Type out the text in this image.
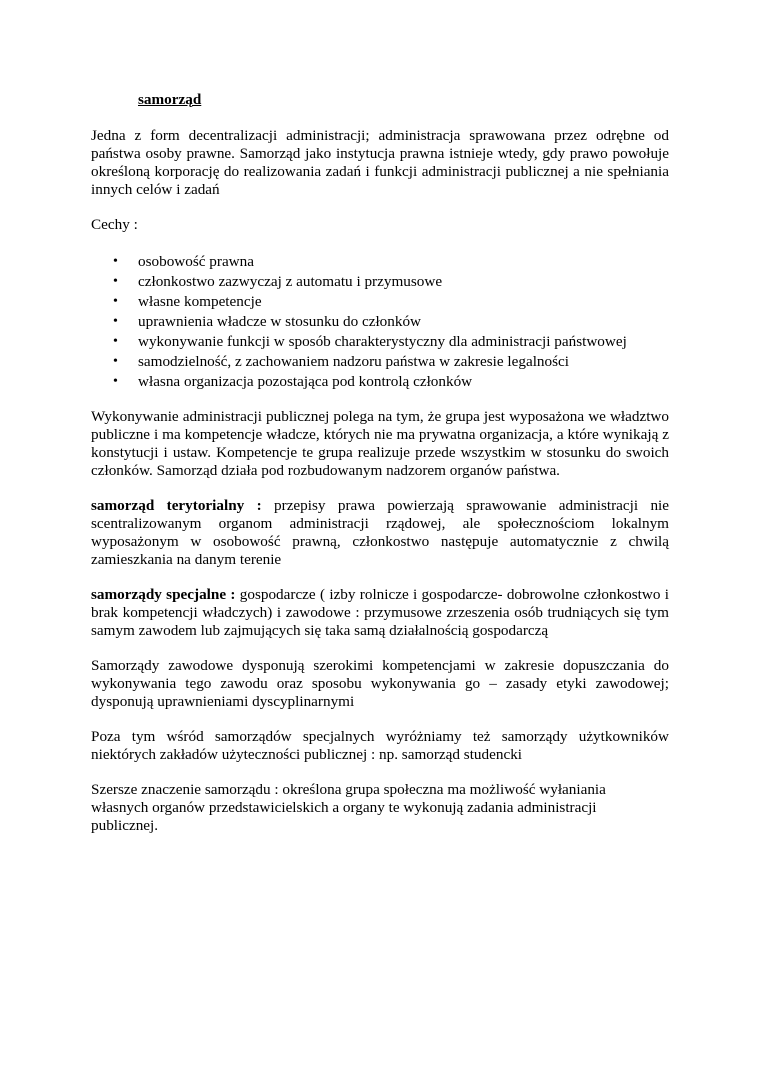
samorząd

Jedna z form decentralizacji administracji; administracja sprawowana przez odrębne od państwa osoby prawne. Samorząd jako instytucja prawna istnieje wtedy, gdy prawo powołuje określoną korporację do realizowania zadań i funkcji administracji publicznej a nie spełniania innych celów i zadań

Cechy :

• osobowość prawna
• członkostwo zazwyczaj z automatu i przymusowe
• własne kompetencje
• uprawnienia władcze w stosunku do członków
• wykonywanie funkcji w sposób charakterystyczny dla administracji państwowej
• samodzielność, z zachowaniem nadzoru państwa w zakresie legalności
• własna organizacja pozostająca pod kontrolą członków

Wykonywanie administracji publicznej polega na tym, że grupa jest wyposażona we władztwo publiczne i ma kompetencje władcze, których nie ma prywatna organizacja, a które wynikają z konstytucji i ustaw. Kompetencje te grupa realizuje przede wszystkim w stosunku do swoich członków. Samorząd działa pod rozbudowanym nadzorem organów państwa.

samorząd terytorialny : przepisy prawa powierzają sprawowanie administracji nie scentralizowanym organom administracji rządowej, ale społecznościom lokalnym wyposażonym w osobowość prawną, członkostwo następuje automatycznie z chwilą zamieszkania na danym terenie

samorządy specjalne : gospodarcze ( izby rolnicze i gospodarcze- dobrowolne członkostwo i brak kompetencji władczych) i zawodowe : przymusowe zrzeszenia osób trudniących się tym samym zawodem lub zajmujących się taka samą działalnością gospodarczą

Samorządy zawodowe dysponują szerokimi kompetencjami w zakresie dopuszczania do wykonywania tego zawodu oraz sposobu wykonywania go – zasady etyki zawodowej; dysponują uprawnieniami dyscyplinarnymi

Poza tym wśród samorządów specjalnych wyróżniamy też samorządy użytkowników niektórych zakładów użyteczności publicznej : np. samorząd studencki

Szersze znaczenie samorządu : określona grupa społeczna ma możliwość wyłaniania własnych organów przedstawicielskich a organy te wykonują zadania administracji publicznej.
